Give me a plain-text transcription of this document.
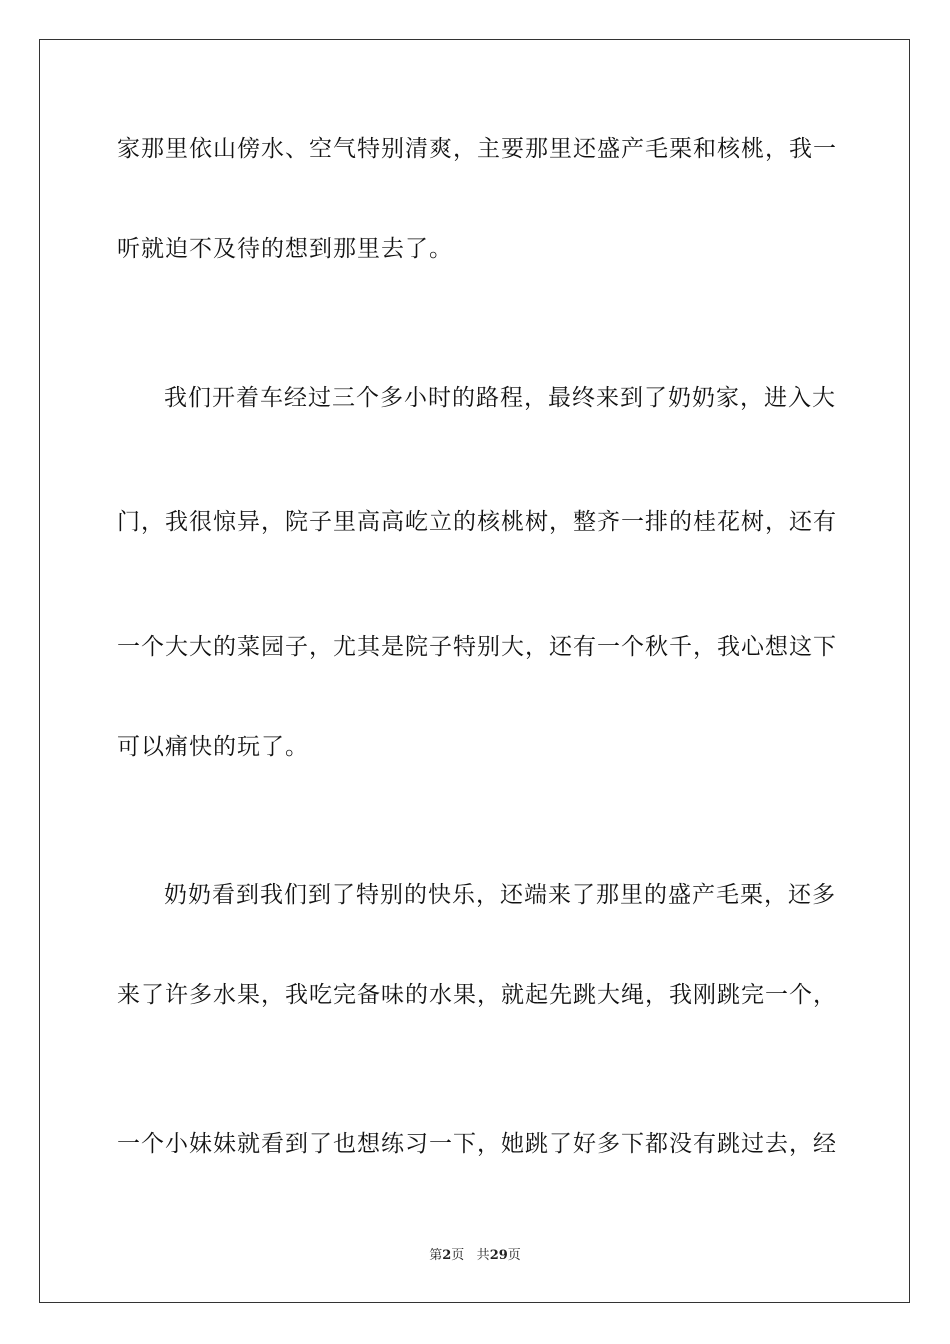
家那里依山傍水、空气特别清爽，主要那里还盛产毛栗和核桃，我一
听就迫不及待的想到那里去了。
我们开着车经过三个多小时的路程，最终来到了奶奶家，进入大
门，我很惊异，院子里高高屹立的核桃树，整齐一排的桂花树，还有
一个大大的菜园子，尤其是院子特别大，还有一个秋千，我心想这下
可以痛快的玩了。
奶奶看到我们到了特别的快乐，还端来了那里的盛产毛栗，还多
来了许多水果，我吃完备味的水果，就起先跳大绳，我刚跳完一个，
一个小妹妹就看到了也想练习一下，她跳了好多下都没有跳过去，经
第2页 共29页
